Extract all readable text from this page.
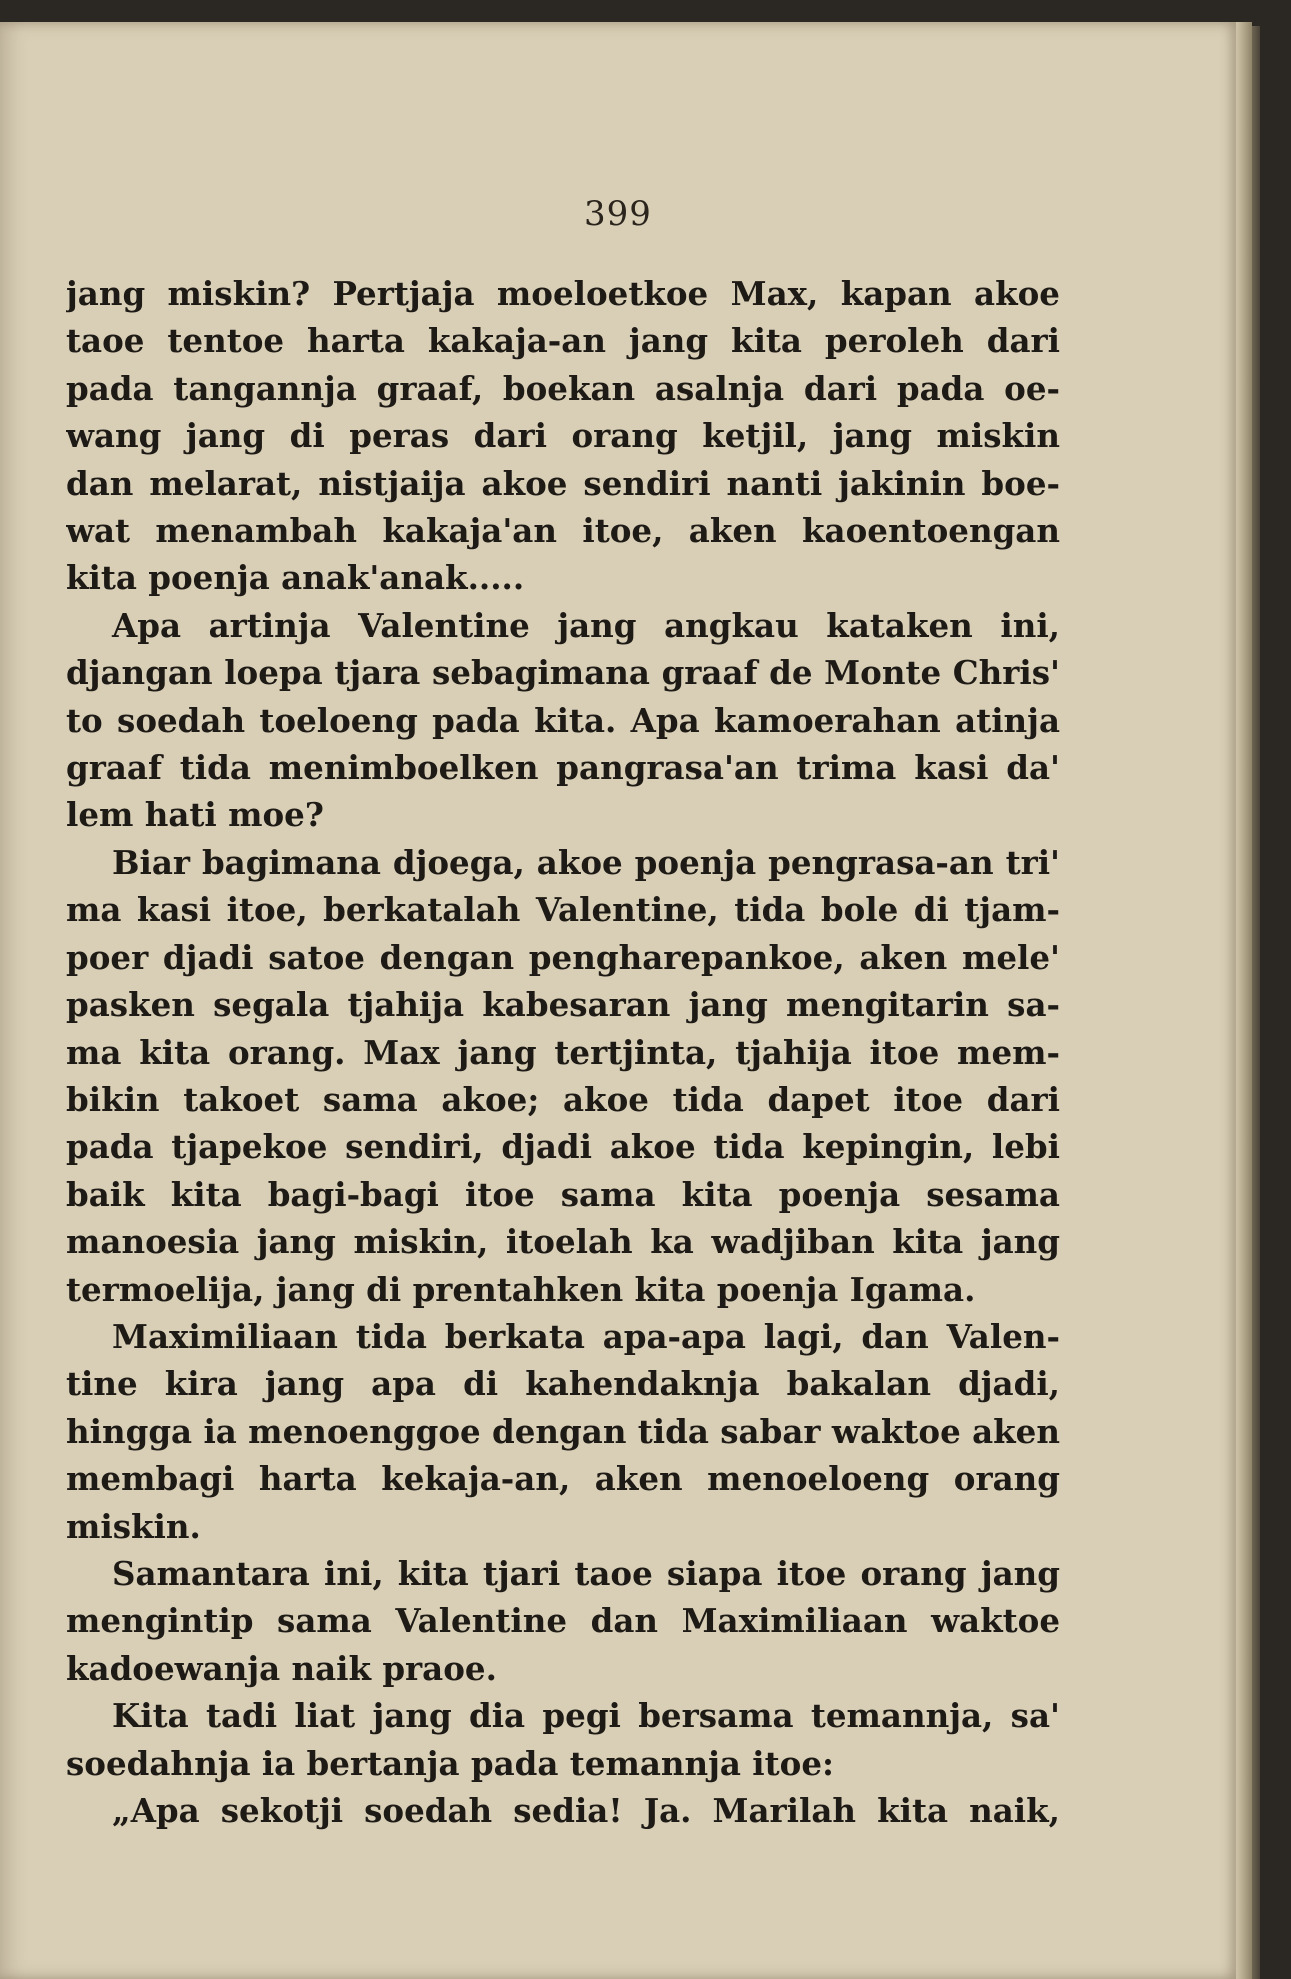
399
jang miskin? Pertjaja moeloetkoe Max, kapan akoe
taoe tentoe harta kakaja-an jang kita peroleh dari
pada tangannja graaf, boekan asalnja dari pada oe-
wang jang di peras dari orang ketjil, jang miskin
dan melarat, nistjaija akoe sendiri nanti jakinin boe-
wat menambah kakaja'an itoe, aken kaoentoengan
kita poenja anak'anak.....
Apa artinja Valentine jang angkau kataken ini,
djangan loepa tjara sebagimana graaf de Monte Chris'
to soedah toeloeng pada kita. Apa kamoerahan atinja
graaf tida menimboelken pangrasa'an trima kasi da'
lem hati moe?
Biar bagimana djoega, akoe poenja pengrasa-an tri'
ma kasi itoe, berkatalah Valentine, tida bole di tjam-
poer djadi satoe dengan pengharepankoe, aken mele'
pasken segala tjahija kabesaran jang mengitarin sa-
ma kita orang. Max jang tertjinta, tjahija itoe mem-
bikin takoet sama akoe; akoe tida dapet itoe dari
pada tjapekoe sendiri, djadi akoe tida kepingin, lebi
baik kita bagi-bagi itoe sama kita poenja sesama
manoesia jang miskin, itoelah ka wadjiban kita jang
termoelija, jang di prentahken kita poenja Igama.
Maximiliaan tida berkata apa-apa lagi, dan Valen-
tine kira jang apa di kahendaknja bakalan djadi,
hingga ia menoenggoe dengan tida sabar waktoe aken
membagi harta kekaja-an, aken menoeloeng orang
miskin.
Samantara ini, kita tjari taoe siapa itoe orang jang
mengintip sama Valentine dan Maximiliaan waktoe
kadoewanja naik praoe.
Kita tadi liat jang dia pegi bersama temannja, sa'
soedahnja ia bertanja pada temannja itoe:
„Apa sekotji soedah sedia! Ja. Marilah kita naik,
